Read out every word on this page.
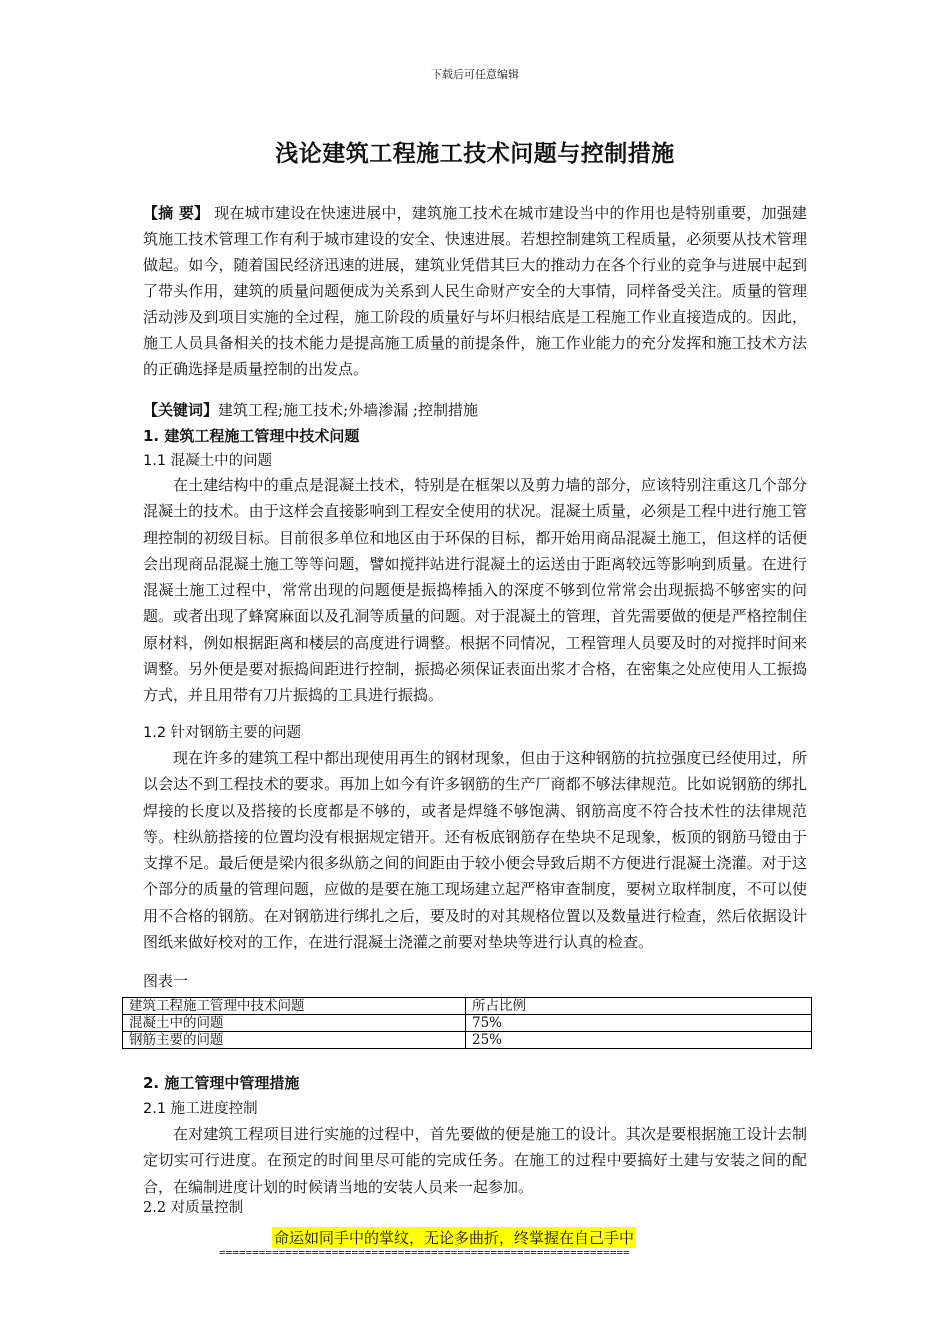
下载后可任意编辑
浅论建筑工程施工技术问题与控制措施
【摘 要】 现在城市建设在快速进展中，建筑施工技术在城市建设当中的作用也是特别重要，加强建筑施工技术管理工作有利于城市建设的安全、快速进展。若想控制建筑工程质量，必须要从技术管理做起。如今，随着国民经济迅速的进展，建筑业凭借其巨大的推动力在各个行业的竞争与进展中起到了带头作用，建筑的质量问题便成为关系到人民生命财产安全的大事情，同样备受关注。质量的管理活动涉及到项目实施的全过程，施工阶段的质量好与坏归根结底是工程施工作业直接造成的。因此，施工人员具备相关的技术能力是提高施工质量的前提条件，施工作业能力的充分发挥和施工技术方法的正确选择是质量控制的出发点。
【关键词】建筑工程;施工技术;外墙渗漏 ;控制措施
1. 建筑工程施工管理中技术问题
1.1 混凝土中的问题
在土建结构中的重点是混凝土技术，特别是在框架以及剪力墙的部分，应该特别注重这几个部分混凝土的技术。由于这样会直接影响到工程安全使用的状况。混凝土质量，必须是工程中进行施工管理控制的初级目标。目前很多单位和地区由于环保的目标，都开始用商品混凝土施工，但这样的话便会出现商品混凝土施工等等问题，譬如搅拌站进行混凝土的运送由于距离较远等影响到质量。在进行混凝土施工过程中，常常出现的问题便是振捣棒插入的深度不够到位常常会出现振捣不够密实的问题。或者出现了蜂窝麻面以及孔洞等质量的问题。对于混凝土的管理，首先需要做的便是严格控制住原材料，例如根据距离和楼层的高度进行调整。根据不同情况，工程管理人员要及时的对搅拌时间来调整。另外便是要对振捣间距进行控制，振捣必须保证表面出浆才合格，在密集之处应使用人工振捣方式，并且用带有刀片振捣的工具进行振捣。
1.2 针对钢筋主要的问题
现在许多的建筑工程中都出现使用再生的钢材现象，但由于这种钢筋的抗拉强度已经使用过，所以会达不到工程技术的要求。再加上如今有许多钢筋的生产厂商都不够法律规范。比如说钢筋的绑扎焊接的长度以及搭接的长度都是不够的，或者是焊缝不够饱满、钢筋高度不符合技术性的法律规范等。柱纵筋搭接的位置均没有根据规定错开。还有板底钢筋存在垫块不足现象，板顶的钢筋马镫由于支撑不足。最后便是梁内很多纵筋之间的间距由于较小便会导致后期不方便进行混凝土浇灌。对于这个部分的质量的管理问题，应做的是要在施工现场建立起严格审查制度，要树立取样制度，不可以使用不合格的钢筋。在对钢筋进行绑扎之后，要及时的对其规格位置以及数量进行检查，然后依据设计图纸来做好校对的工作，在进行混凝土浇灌之前要对垫块等进行认真的检查。
图表一
建筑工程施工管理中技术问题	所占比例
混凝土中的问题	75%
钢筋主要的问题	25%
2. 施工管理中管理措施
2.1 施工进度控制
在对建筑工程项目进行实施的过程中，首先要做的便是施工的设计。其次是要根据施工设计去制定切实可行进度。在预定的时间里尽可能的完成任务。在施工的过程中要搞好土建与安装之间的配合，在编制进度计划的时候请当地的安装人员来一起参加。
2.2 对质量控制
命运如同手中的掌纹，无论多曲折，终掌握在自己手中
==============================================================
